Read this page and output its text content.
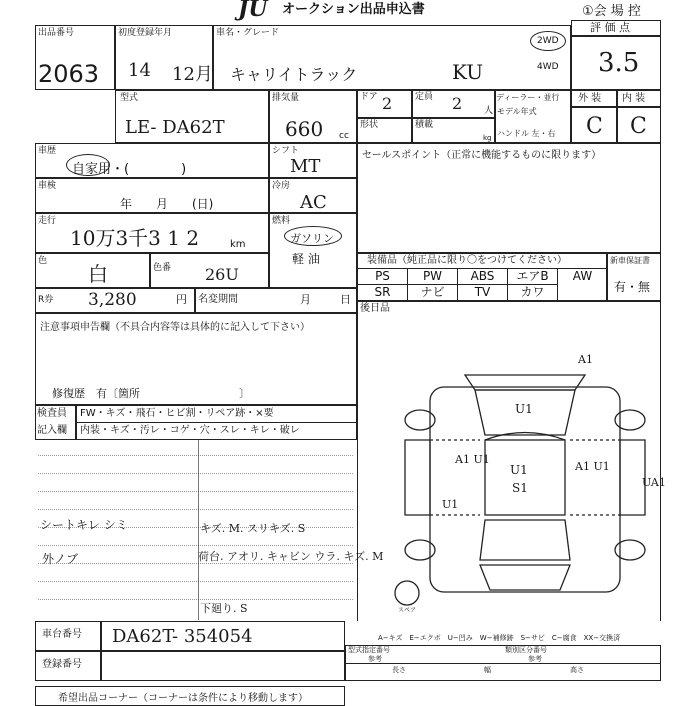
JU オークション出品申込書	①会 場 控
出品番号
2063
初度登録年月
14 12月
車名・グレード
キャリイトラック	KU
2WD
4WD
評 価 点
3.5
型式
LE- DA62T
排気量
660 cc
ドア 2	定員 2 人
形状	積載
kg
ディーラー・並行
モデル年式
ハンドル 左・右
外 装 内 装
C C
車歴
自家用・(　　　　)
シフト
MT
セールスポイント（正常に機能するものに限ります）
車検
年　　月　　(日)
冷房
AC
走行
10万3千3 1 2	km
燃料
ガソリン
軽 油
色
白	色番 26U
装備品（純正品に限り〇をつけてください）
PS	PW	ABS	エアB	AW
SR	ナビ	TV	カワ
新車保証書
有・無
R券 3,280	円 名変期間	月	日
後日品
注意事項申告欄（不具合内容等は具体的に記入して下さい）
修復歴　有〔箇所　　　　　　　　　〕
検査員
記入欄
FW・キズ・飛石・ヒビ割・リペア跡・×要
内装・キズ・汚レ・コゲ・穴・スレ・キレ・破レ
シートキレ シミ
外ノブ
キズ. M. スリキズ. S
荷台. アオリ. キャビン ウラ. キズ. M
下廻り. S
A1
U1
A1 U1
U1
S1
A1 U1
U1
UA1
スペア
車台番号 DA62T- 354054	A−キズ　E−エクボ　U−凹み　W−補修跡　S−サビ　C−腐食　XX−交換済
登録番号
型式指定番号
参考
類別区分番号
参考
長さ	幅	高さ
希望出品コーナー（コーナーは条件により移動します）
